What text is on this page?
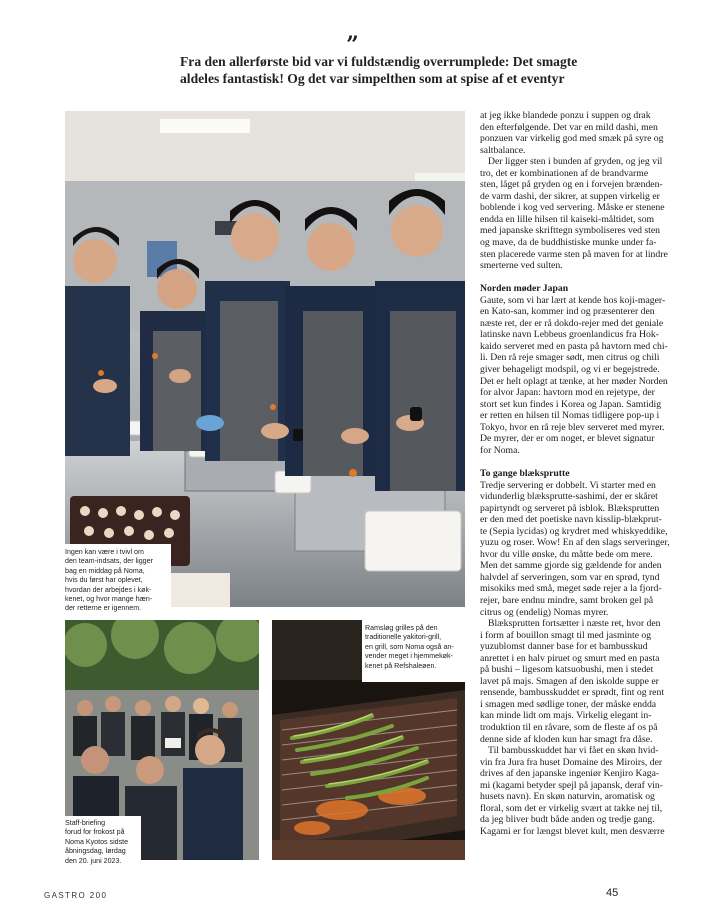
”
Fra den allerførste bid var vi fuldstændig overrumplede: Det smagte
aldeles fantastisk! Og det var simpelthen som at spise af et eventyr
Ingen kan være i tvivl om
den team-indsats, der ligger
bag en middag på Noma,
hvis du først har oplevet,
hvordan der arbejdes i køk-
kenet, og hvor mange hæn-
der retterne er igennem.
Staff-briefing
forud for frokost på
Noma Kyotos sidste
åbningsdag, lørdag
den 20. juni 2023.
Ramsløg grilles på den
traditionelle yakitori-grill,
en grill, som Noma også an-
vender meget i hjemmekøk-
kenet på Refshaleøen.
at jeg ikke blandede ponzu i suppen og drak
den efterfølgende. Det var en mild dashi, men
ponzuen var virkelig god med smæk på syre og
saltbalance.
Der ligger sten i bunden af gryden, og jeg vil
tro, det er kombinationen af de brandvarme
sten, låget på gryden og en i forvejen brænden-
de varm dashi, der sikrer, at suppen virkelig er
boblende i kog ved servering. Måske er stenene
endda en lille hilsen til kaiseki-måltidet, som
med japanske skrifttegn symboliseres ved sten
og mave, da de buddhistiske munke under fa-
sten placerede varme sten på maven for at lindre
smerterne ved sulten.
Norden møder Japan
Gaute, som vi har lært at kende hos koji-mager-
en Kato-san, kommer ind og præsenterer den
næste ret, der er rå dokdo-rejer med det geniale
latinske navn Lebbeus groenlandicus fra Hok-
kaido serveret med en pasta på havtorn med chi-
li. Den rå reje smager sødt, men citrus og chili
giver behageligt modspil, og vi er begejstrede.
Det er helt oplagt at tænke, at her møder Norden
for alvor Japan: havtorn mod en rejetype, der
stort set kun findes i Korea og Japan. Samtidig
er retten en hilsen til Nomas tidligere pop-up i
Tokyo, hvor en rå reje blev serveret med myrer.
De myrer, der er om noget, er blevet signatur
for Noma.
To gange blæksprutte
Tredje servering er dobbelt. Vi starter med en
vidunderlig blæksprutte-sashimi, der er skåret
papirtyndt og serveret på isblok. Blæksprutten
er den med det poetiske navn kisslip-blækprut-
te (Sepia lycidas) og krydret med whiskyeddike,
yuzu og roser. Wow! En af den slags serveringer,
hvor du ville ønske, du måtte bede om mere.
Men det samme gjorde sig gældende for anden
halvdel af serveringen, som var en sprød, tynd
misokiks med små, meget søde rejer a la fjord-
rejer, bare endnu mindre, samt broken gel på
citrus og (endelig) Nomas myrer.
Blæksprutten fortsætter i næste ret, hvor den
i form af bouillon smagt til med jasminte og
yuzublomst danner base for et bambusskud
anrettet i en halv piruet og smurt med en pasta
på bushi – ligesom katsuobushi, men i stedet
lavet på majs. Smagen af den iskolde suppe er
rensende, bambusskuddet er sprødt, fint og rent
i smagen med sødlige toner, der måske endda
kan minde lidt om majs. Virkelig elegant in-
troduktion til en råvare, som de fleste af os på
denne side af kloden kun har smagt fra dåse.
Til bambusskuddet har vi fået en skøn hvid-
vin fra Jura fra huset Domaine des Miroirs, der
drives af den japanske ingeniør Kenjiro Kaga-
mi (kagami betyder spejl på japansk, deraf vin-
husets navn). En skøn naturvin, aromatisk og
floral, som det er virkelig svært at takke nej til,
da jeg bliver budt både anden og tredje gang.
Kagami er for længst blevet kult, men desværre
GASTRO 200	45
